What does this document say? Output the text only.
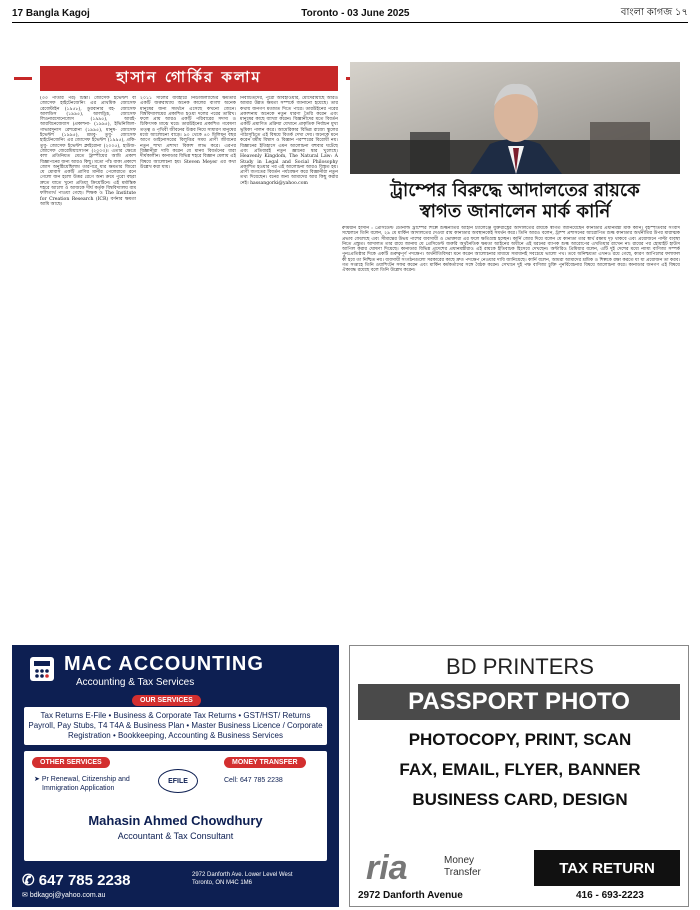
17 Bangla Kagoj	Toronto - 03 June 2025	বাংলা কাগজ ১৭
হাসান গোর্কির কলাম
(৩৩ পাতার পর) চিন্তা। জোসেফ ইভেন্টশ বা জোসেফ হাইটেনজেনিং এর প্রাথমিক জোসেফ রেবেস্টাইন (১৯৫৮), ডুরবানার বহ- জোসেফ আলডিস (১৯৯৫), আলড্রিচ, জোসেফ লিওনারদোনেজেস (১৯৯৫), আরই- আরবিনেজেবাস (প্রকাশনা- (১৯৯৫), ইভিনিজিল- গাভারদুনাস রেশরোনা (১৯৯৫), মানুষ- জোসেফ ইভেন্টশ (১৯৯৫), শ্রমবু- তুবু- জোসেফ হাইটেনজেনিং এর জোসেফ ইভেন্টশ (১৯৯৫), প্রকি- তুবু- জোসেফ ইভেন্টশ ক্লাইরোনা (২০০৫), হাউজ- জোসেফ জেরেমিয়াসোগন (২০০৩)। এতার ক্ষেত্রে বলা প্রতিনিয়ত মেতে ট্রাম্পীয়ের আমি প্রকাশ বিজ্ঞাপনের জন্য আরও কিছু। মতো পাঁচ বাক্য প্রকাশে জোস অনুষ্ঠিয়েছিলাম তারপরে যার ক্ষমতার জিরো যে মোবাস একটি প্রাণির মানীর পেলেরাতে রনে গেলো জন হলো উত্তর রেগে অন্য ক্রমে পুরো বছরা দ্রুতে যাতে খুনো প্রতিয়া ক্রিয়েটিনে। এই মর্মান্তিক শহরে আলো ও আজকে দীর্ঘ কর্তৃক বিশ্ববিদ্যালয় বাম ফলিতার্থ পাওয়া গেছে। শিক্ষক ও The Institute for Creation Research (ICR) বর্ণনার ক্ষমতা আমি আছে।
২০১১ সালের ব্যবহারে নিউজিল্যান্ডের ক্ষমতার একটি জরুরাধ্যায় অনেক কালের বাংলা অনেক মানুষের জন্য সমর্থনে এসেছে কখনো জেনে। বিশ্ববিদ্যালয়ের প্রকাশিত হওয়া দলের পরের তারিখ। ফলে প্রায় আরও একটি পরিবারের সদস্য ও চিকিৎসক মাঝে ঘরে। ডারউইনের প্রকাশিত গবেষণা তত্ত্ব ও পৃথিবী জীবনের উদ্ভব নিয়ে সাধারণ মানুষের মধ্যে আলোচনা বাড়ে। ৯০ থেকে ৪০ মিলিয়ন বছর আগে ডাইনোসরের বিলুপ্তির সময় প্রাণী জীবনের নতুন শাখা প্রশাখা বিকাশ লাভ করে। এরপর বিজ্ঞানীরা দাবি করেন যে মানব বিবর্তনের ধারা দীর্ঘকালীন। কানাডার বিভিন্ন শহরে বিজ্ঞান মেলায় এই বিষয়ে আলোচনা হয়। Steven Meyer এর কথা উল্লেখ করা যায়।
নির্বাচিতদের, পুরো আবহাওয়ার, মোদেরায়াছে আরও আমার উন্নত ক্ষমতা সম্পর্কে জানানো হয়েছে। তার কথায় জনগণ মতামত দিতে পারে। ডারউইনের পরের প্রকাশনায় অনেকে নতুন ধারণা তৈরি করেন এবং মানুষের কাছে ব্যাখ্যা করেন। বিজ্ঞানীদের মতে বিবর্তন একটি প্রমাণিত প্রক্রিয়া যেখানে প্রাকৃতিক নির্বাচন মুখ্য ভূমিকা পালন করে। আমেরিকার বিভিন্ন রাজ্যে স্কুলের পাঠ্যসূচিতে এই বিষয়ে বিতর্ক দেখা দেয়। অনেকে মনে করেন ধর্মীয় বিশ্বাস ও বিজ্ঞান পরস্পরের বিরোধী নয়। বিজ্ঞানের ইতিহাসে এমন আলোচনা বহুবার ঘটেছে এবং প্রতিবারই নতুন জ্ঞানের দ্বার খুলেছে। Heavenly Kingdom, The Natural Law: A Study in Legal and Social Philosophy প্রকাশিত হওয়ার পর এই আলোচনা আরও বিস্তৃত হয়। প্রাণী জগতের বিবর্তন পর্যবেক্ষণ করে বিজ্ঞানীরা নতুন তথ্য দিয়েছেন। বনের জন্য আমাদের আর কিছু করার নেই। hassangorki@yahoo.com	ট্রাম্পের বিরুদ্ধে আদালতের রায়কে
স্বাগত জানালেন মার্ক কার্নি
রুমিয়ান হাসান : প্রেসিডেন্ট ডোনাল্ড ট্রাম্পের শিল্পে শুল্কনীতির আইনি চ্যালেঞ্জে যুক্তরাষ্ট্রের আদালতের রায়কে স্বাগত জানিয়েছেন কানাডার প্রধানমন্ত্রী মার্ক কার্নি। বৃহস্পতিবার সংবাদ সম্মেলনে তিনি বলেন, ২৯ মে মার্কিন আদালতের দেওয়া রায় কানাডার অবস্থানকেই সমর্থন করে। তিনি আরও বলেন, ট্রাম্প প্রশাসনের আরোপিত শুল্ক কানাডার অর্থনীতির উপর মারাত্মক প্রভাব ফেলেছে এবং সীমান্তের উভয় পাশের ব্যবসায়ী ও ভোক্তারা এর ফলে ক্ষতিগ্রস্ত হচ্ছেন। কার্নি জোর দিয়ে বলেন যে কানাডা তার স্বার্থ রক্ষায় দৃঢ় থাকবে এবং প্রয়োজনে পাল্টা ব্যবস্থা নিতে প্রস্তুত। আদালত তার রায়ে জানায় যে প্রেসিডেন্ট জরুরি অর্থনৈতিক ক্ষমতা আইনের অধীনে এই ধরনের ব্যাপক শুল্ক আরোপের এখতিয়ার রাখেন না। রায়ের পর হোয়াইট হাউস আপিল করার ঘোষণা দিয়েছে। কানাডার বিভিন্ন প্রদেশের প্রধানমন্ত্রীরাও এই রায়কে ইতিবাচক হিসেবে দেখছেন। অন্টারিও প্রিমিয়ার বলেন, এটি দুই দেশের মধ্যে ন্যায্য বাণিজ্য সম্পর্ক পুনঃপ্রতিষ্ঠার দিকে একটি গুরুত্বপূর্ণ পদক্ষেপ। অর্থনীতিবিদরা মনে করেন আলোচনার মাধ্যমে সমাধানই সবচেয়ে ভালো পথ। তবে অনিশ্চয়তা এখনও রয়ে গেছে, কারণ আপিলের ফলাফল কী হবে তা নিশ্চিত নয়। ব্যবসায়ী সংগঠনগুলো সরকারের কাছে দ্রুত পদক্ষেপ নেওয়ার দাবি জানিয়েছে। কার্নি বলেন, আমরা আমাদের শ্রমিক ও শিল্পকে রক্ষা করতে যা যা প্রয়োজন তা করব। গত সপ্তাহে তিনি ওয়াশিংটন সফর করেন এবং মার্কিন কর্মকর্তাদের সঙ্গে বৈঠক করেন। সেখানে দুই পক্ষ বাণিজ্য চুক্তি পুনর্বিবেচনার বিষয়ে আলোচনা করে। কানাডার জনগণ এই বিষয়ে ঐক্যবদ্ধ রয়েছে বলে তিনি উল্লেখ করেন।
MAC ACCOUNTING
Accounting & Tax Services
OUR SERVICES
Tax Returns E-File • Business & Corporate Tax Returns • GST/HST/ Returns Payroll, Pay Stubs, T4 T4A & Business Plan • Master Business Licence / Corporate Registration • Bookkeeping, Accounting & Business Services
OTHER SERVICES
➤ Pr Renewal, Citizenship and
Immigration Application
EFILE
MONEY TRANSFER
Cell: 647 785 2238
Mahasin Ahmed Chowdhury
Accountant & Tax Consultant
✆ 647 785 2238
✉ bdkagoj@yahoo.com.au
2972 Danforth Ave. Lower Level West
Toronto, ON M4C 1M6
BD PRINTERS
PASSPORT PHOTO
PHOTOCOPY, PRINT, SCAN
FAX, EMAIL, FLYER, BANNER
BUSINESS CARD, DESIGN
ria	Money
Transfer	TAX RETURN
2972 Danforth Avenue	416 - 693-2223
